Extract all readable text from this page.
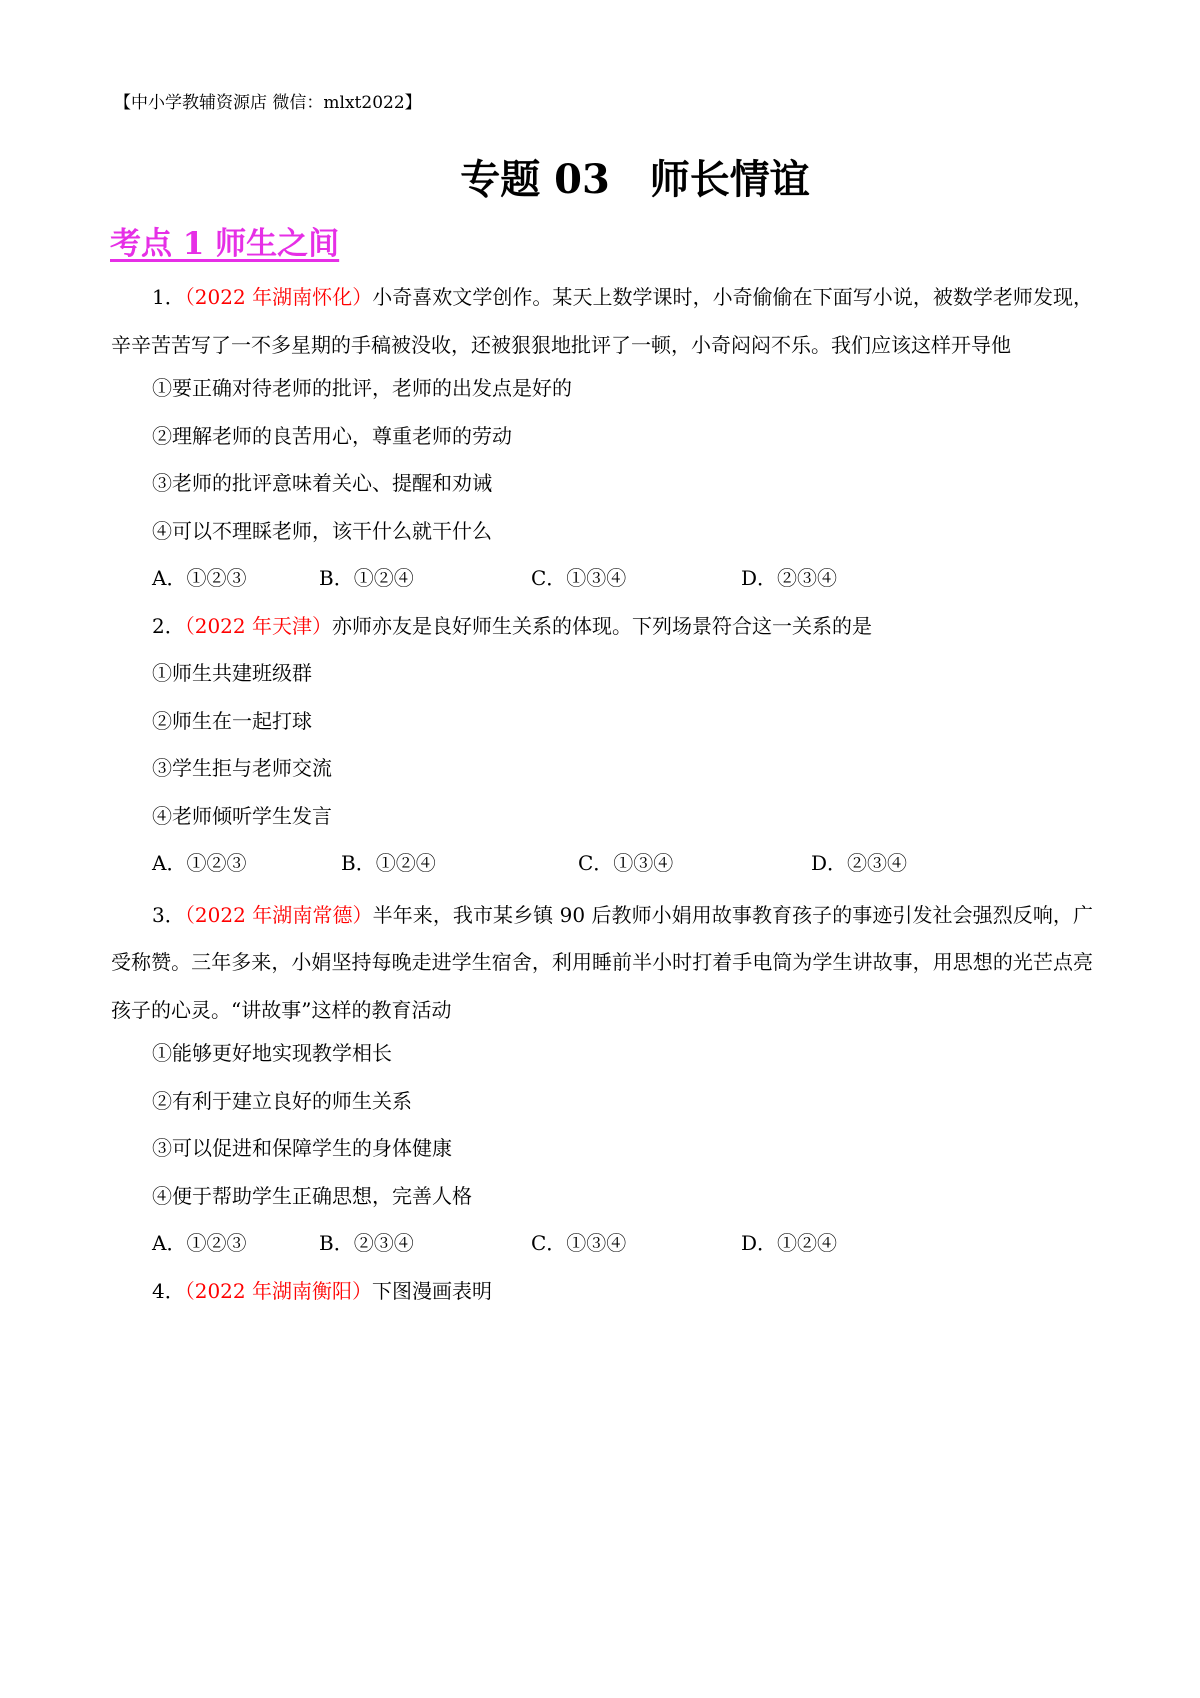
【中小学教辅资源店 微信：mlxt2022】
专题 03　师长情谊
考点 1 师生之间
1．（2022 年湖南怀化）小奇喜欢文学创作。某天上数学课时，小奇偷偷在下面写小说，被数学老师发现，辛辛苦苦写了一不多星期的手稿被没收，还被狠狠地批评了一顿，小奇闷闷不乐。我们应该这样开导他
①要正确对待老师的批评，老师的出发点是好的
②理解老师的良苦用心，尊重老师的劳动
③老师的批评意味着关心、提醒和劝诫
④可以不理睬老师，该干什么就干什么
A．①②③	B．①②④	C．①③④	D．②③④
2．（2022 年天津）亦师亦友是良好师生关系的体现。下列场景符合这一关系的是
①师生共建班级群
②师生在一起打球
③学生拒与老师交流
④老师倾听学生发言
A．①②③	B．①②④	C．①③④	D．②③④
3．（2022 年湖南常德）半年来，我市某乡镇 90 后教师小娟用故事教育孩子的事迹引发社会强烈反响，广受称赞。三年多来，小娟坚持每晚走进学生宿舍，利用睡前半小时打着手电筒为学生讲故事，用思想的光芒点亮孩子的心灵。“讲故事”这样的教育活动
①能够更好地实现教学相长
②有利于建立良好的师生关系
③可以促进和保障学生的身体健康
④便于帮助学生正确思想，完善人格
A．①②③	B．②③④	C．①③④	D．①②④
4．（2022 年湖南衡阳）下图漫画表明
